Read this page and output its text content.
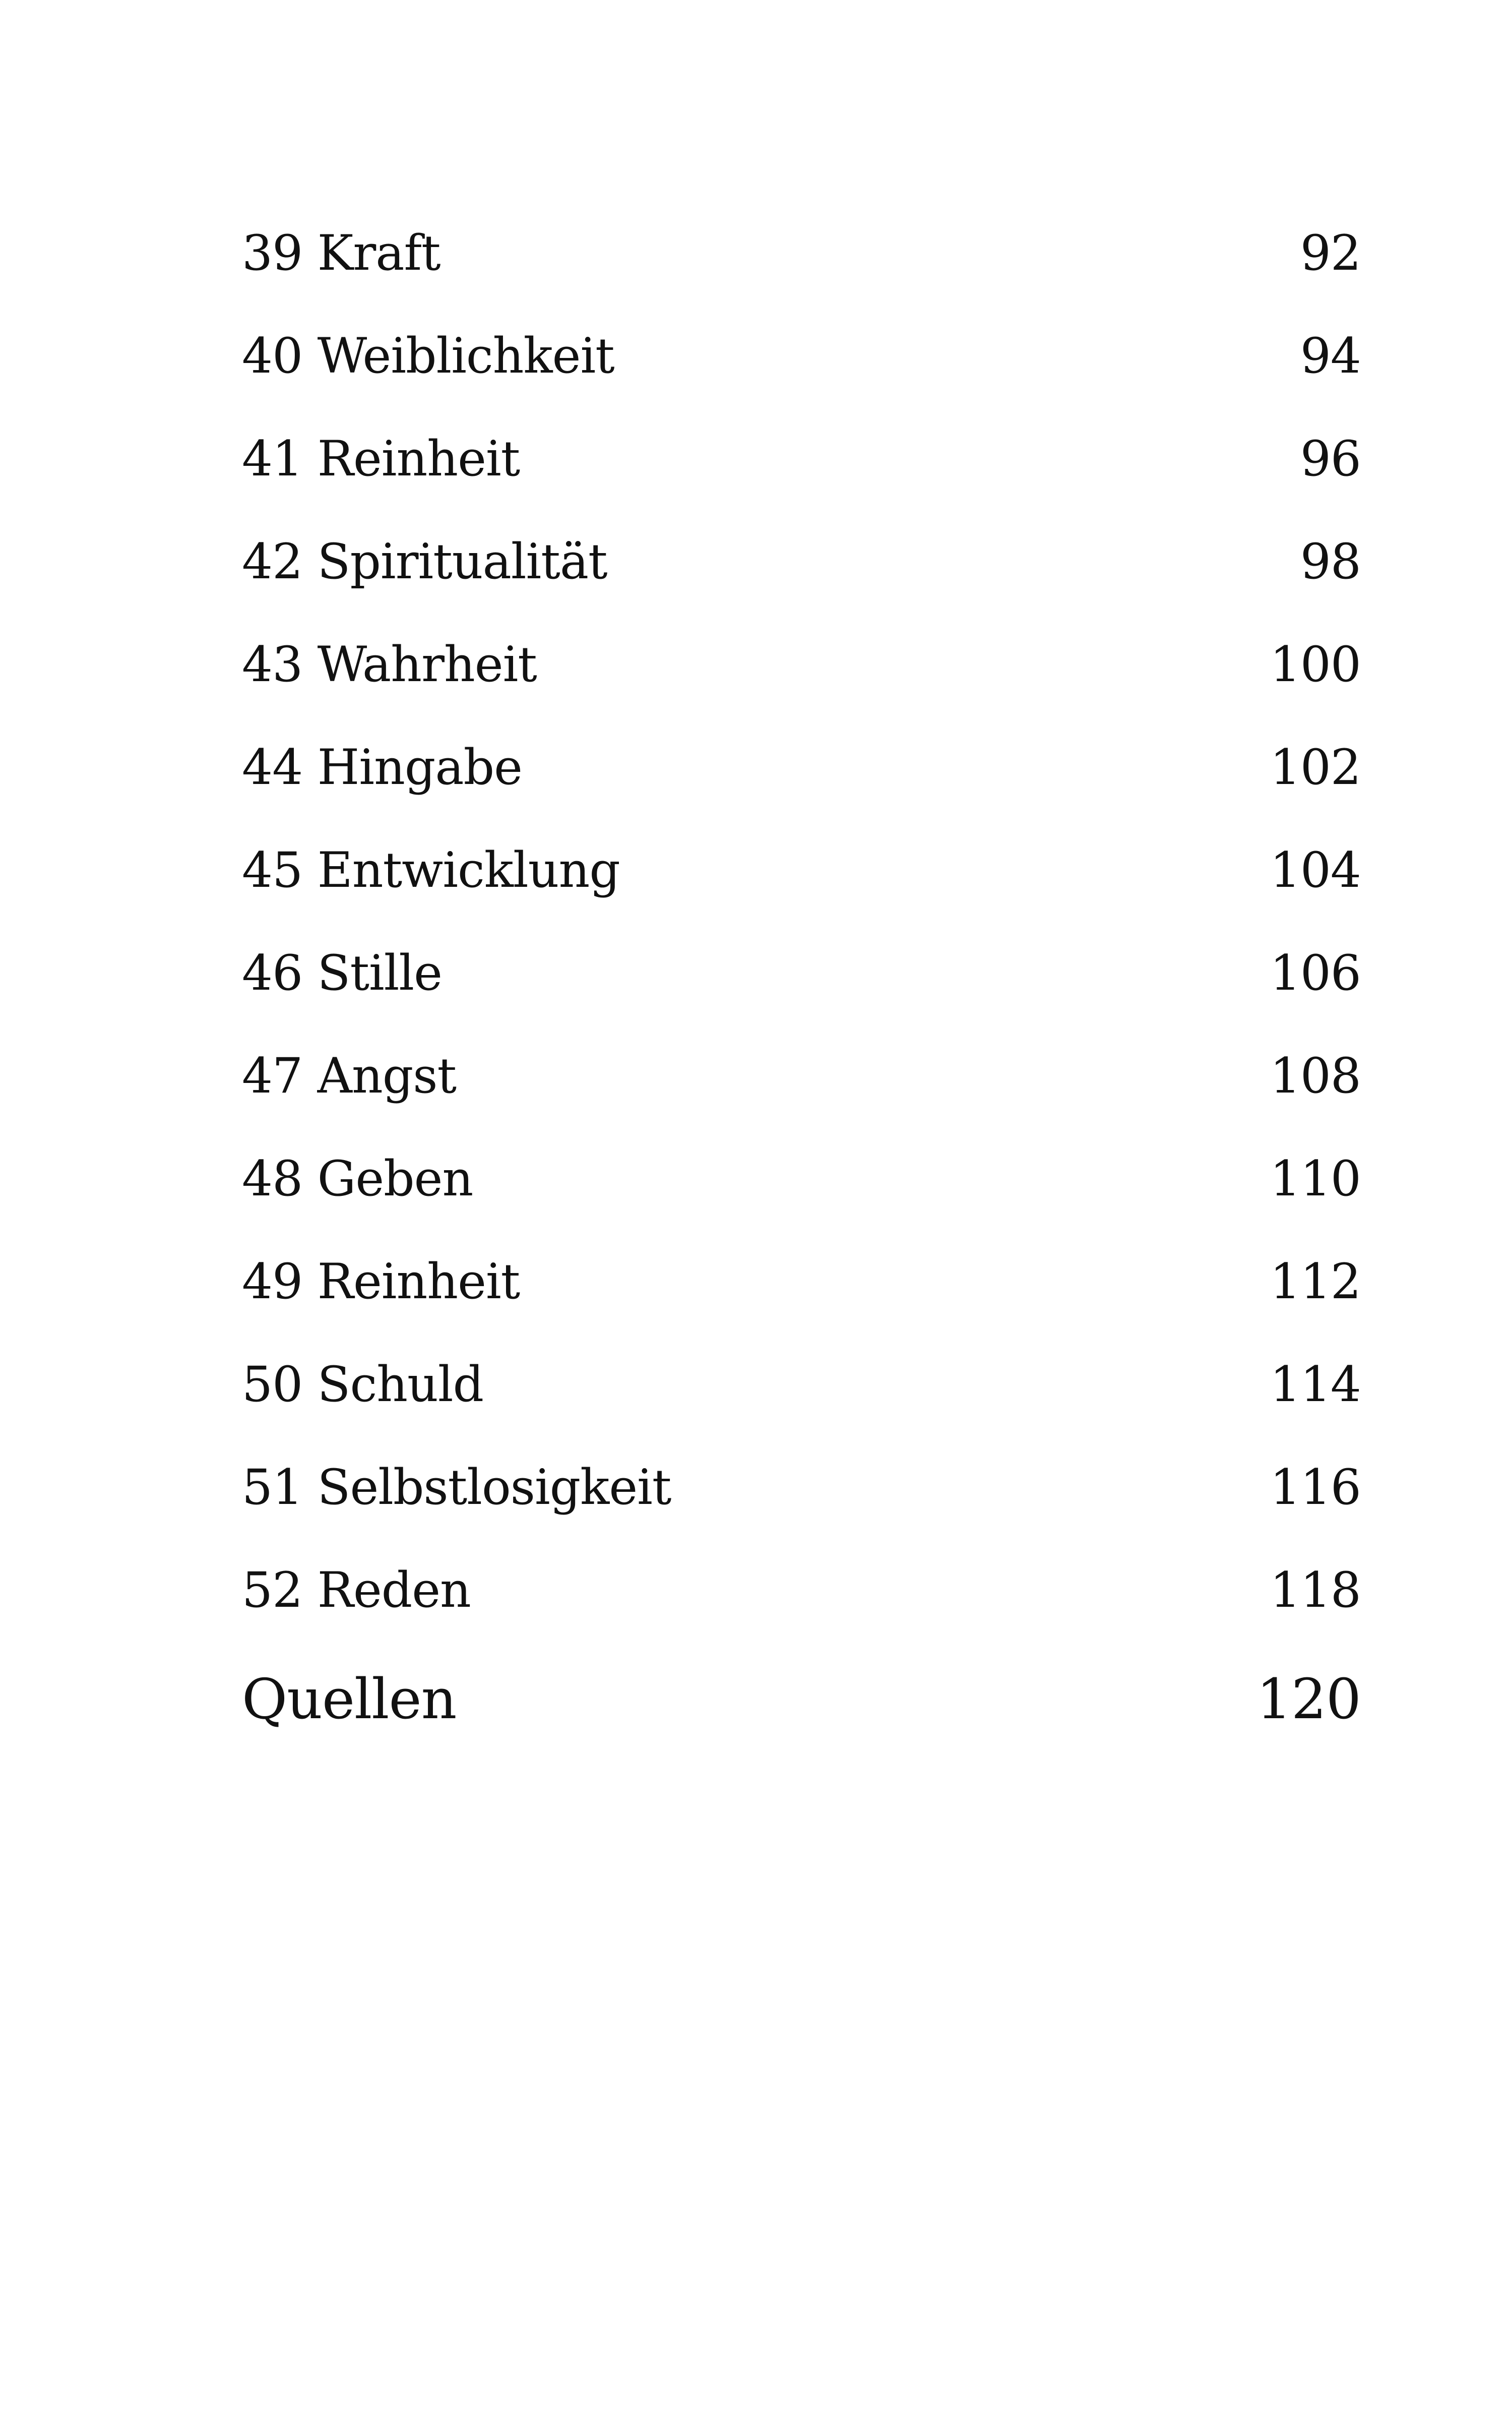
39 Kraft	92
40 Weiblichkeit	94
41 Reinheit	96
42 Spiritualität	98
43 Wahrheit	100
44 Hingabe	102
45 Entwicklung	104
46 Stille	106
47 Angst	108
48 Geben	110
49 Reinheit	112
50 Schuld	114
51 Selbstlosigkeit	116
52 Reden	118
Quellen	120
